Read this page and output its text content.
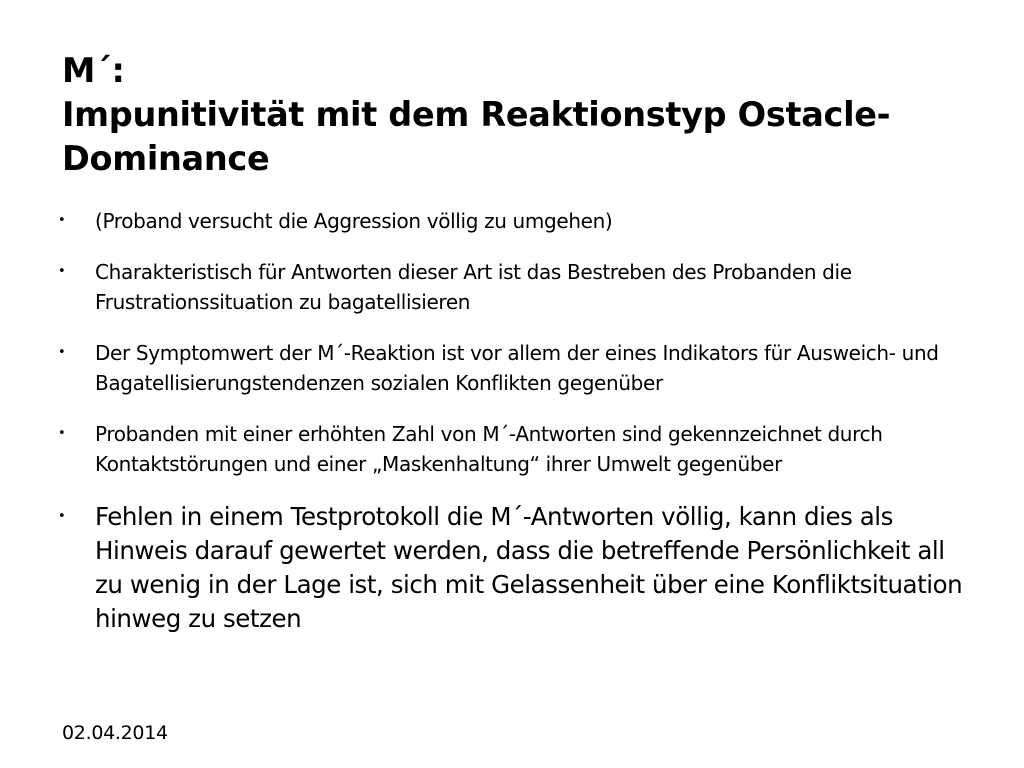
M´:
Impunitivität mit dem Reaktionstyp Ostacle-Dominance
• (Proband versucht die Aggression völlig zu umgehen)
• Charakteristisch für Antworten dieser Art ist das Bestreben des Probanden die Frustrationssituation zu bagatellisieren
• Der Symptomwert der M´-Reaktion ist vor allem der eines Indikators für Ausweich- und Bagatellisierungstendenzen sozialen Konflikten gegenüber
• Probanden mit einer erhöhten Zahl von M´-Antworten sind gekennzeichnet durch Kontaktstörungen und einer „Maskenhaltung“ ihrer Umwelt gegenüber
• Fehlen in einem Testprotokoll die M´-Antworten völlig, kann dies als Hinweis darauf gewertet werden, dass die betreffende Persönlichkeit all zu wenig in der Lage ist, sich mit Gelassenheit über eine Konfliktsituation hinweg zu setzen
02.04.2014
